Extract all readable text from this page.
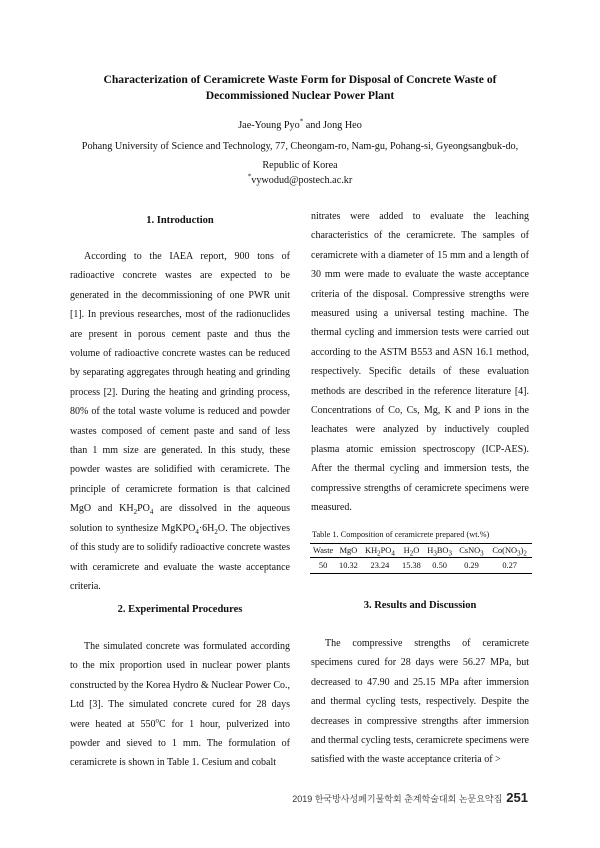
Characterization of Ceramicrete Waste Form for Disposal of Concrete Waste of
Decommissioned Nuclear Power Plant
Jae-Young Pyo* and Jong Heo
Pohang University of Science and Technology, 77, Cheongam-ro, Nam-gu, Pohang-si, Gyeongsangbuk-do,
Republic of Korea
*vywodud@postech.ac.kr
1. Introduction

According to the IAEA report, 900 tons of radioactive concrete wastes are expected to be generated in the decommissioning of one PWR unit [1]. In previous researches, most of the radionuclides are present in porous cement paste and thus the volume of radioactive concrete wastes can be reduced by separating aggregates through heating and grinding process [2]. During the heating and grinding process, 80% of the total waste volume is reduced and powder wastes composed of cement paste and sand of less than 1 mm size are generated. In this study, these powder wastes are solidified with ceramicrete. The principle of ceramicrete formation is that calcined MgO and $KH_2PO_4$ are dissolved in the aqueous solution to synthesize $MgKPO_4\cdot 6H_2O$. The objectives of this study are to solidify radioactive concrete wastes with ceramicrete and evaluate the waste acceptance criteria.

2. Experimental Procedures

The simulated concrete was formulated according to the mix proportion used in nuclear power plants constructed by the Korea Hydro & Nuclear Power Co., Ltd [3]. The simulated concrete cured for 28 days were heated at 550$^o$C for 1 hour, pulverized into powder and sieved to 1 mm. The formulation of ceramicrete is shown in Table 1. Cesium and cobalt

nitrates were added to evaluate the leaching characteristics of the ceramicrete. The samples of ceramicrete with a diameter of 15 mm and a length of 30 mm were made to evaluate the waste acceptance criteria of the disposal. Compressive strengths were measured using a universal testing machine. The thermal cycling and immersion tests were carried out according to the ASTM B553 and ASN 16.1 method, respectively. Specific details of these evaluation methods are described in the reference literature [4]. Concentrations of Co, Cs, Mg, K and P ions in the leachates were analyzed by inductively coupled plasma atomic emission spectroscopy (ICP-AES). After the thermal cycling and immersion tests, the compressive strengths of ceramicrete specimens were measured.

Table 1. Composition of ceramicrete prepared (wt.%)
Waste	MgO	$KH_2PO_4$	$H_2O$	$H_3BO_3$	CsNO$_3$	$Co(NO_3)_2$
50	10.32	23.24	15.38	0.50	0.29	0.27
3. Results and Discussion

The compressive strengths of ceramicrete specimens cured for 28 days were 56.27 MPa, but decreased to 47.90 and 25.15 MPa after immersion and thermal cycling tests, respectively. Despite the decreases in compressive strengths after immersion and thermal cycling tests, ceramicrete specimens were satisfied with the waste acceptance criteria of >

2019 한국방사성폐기물학회 춘계학술대회 논문요약집 251
